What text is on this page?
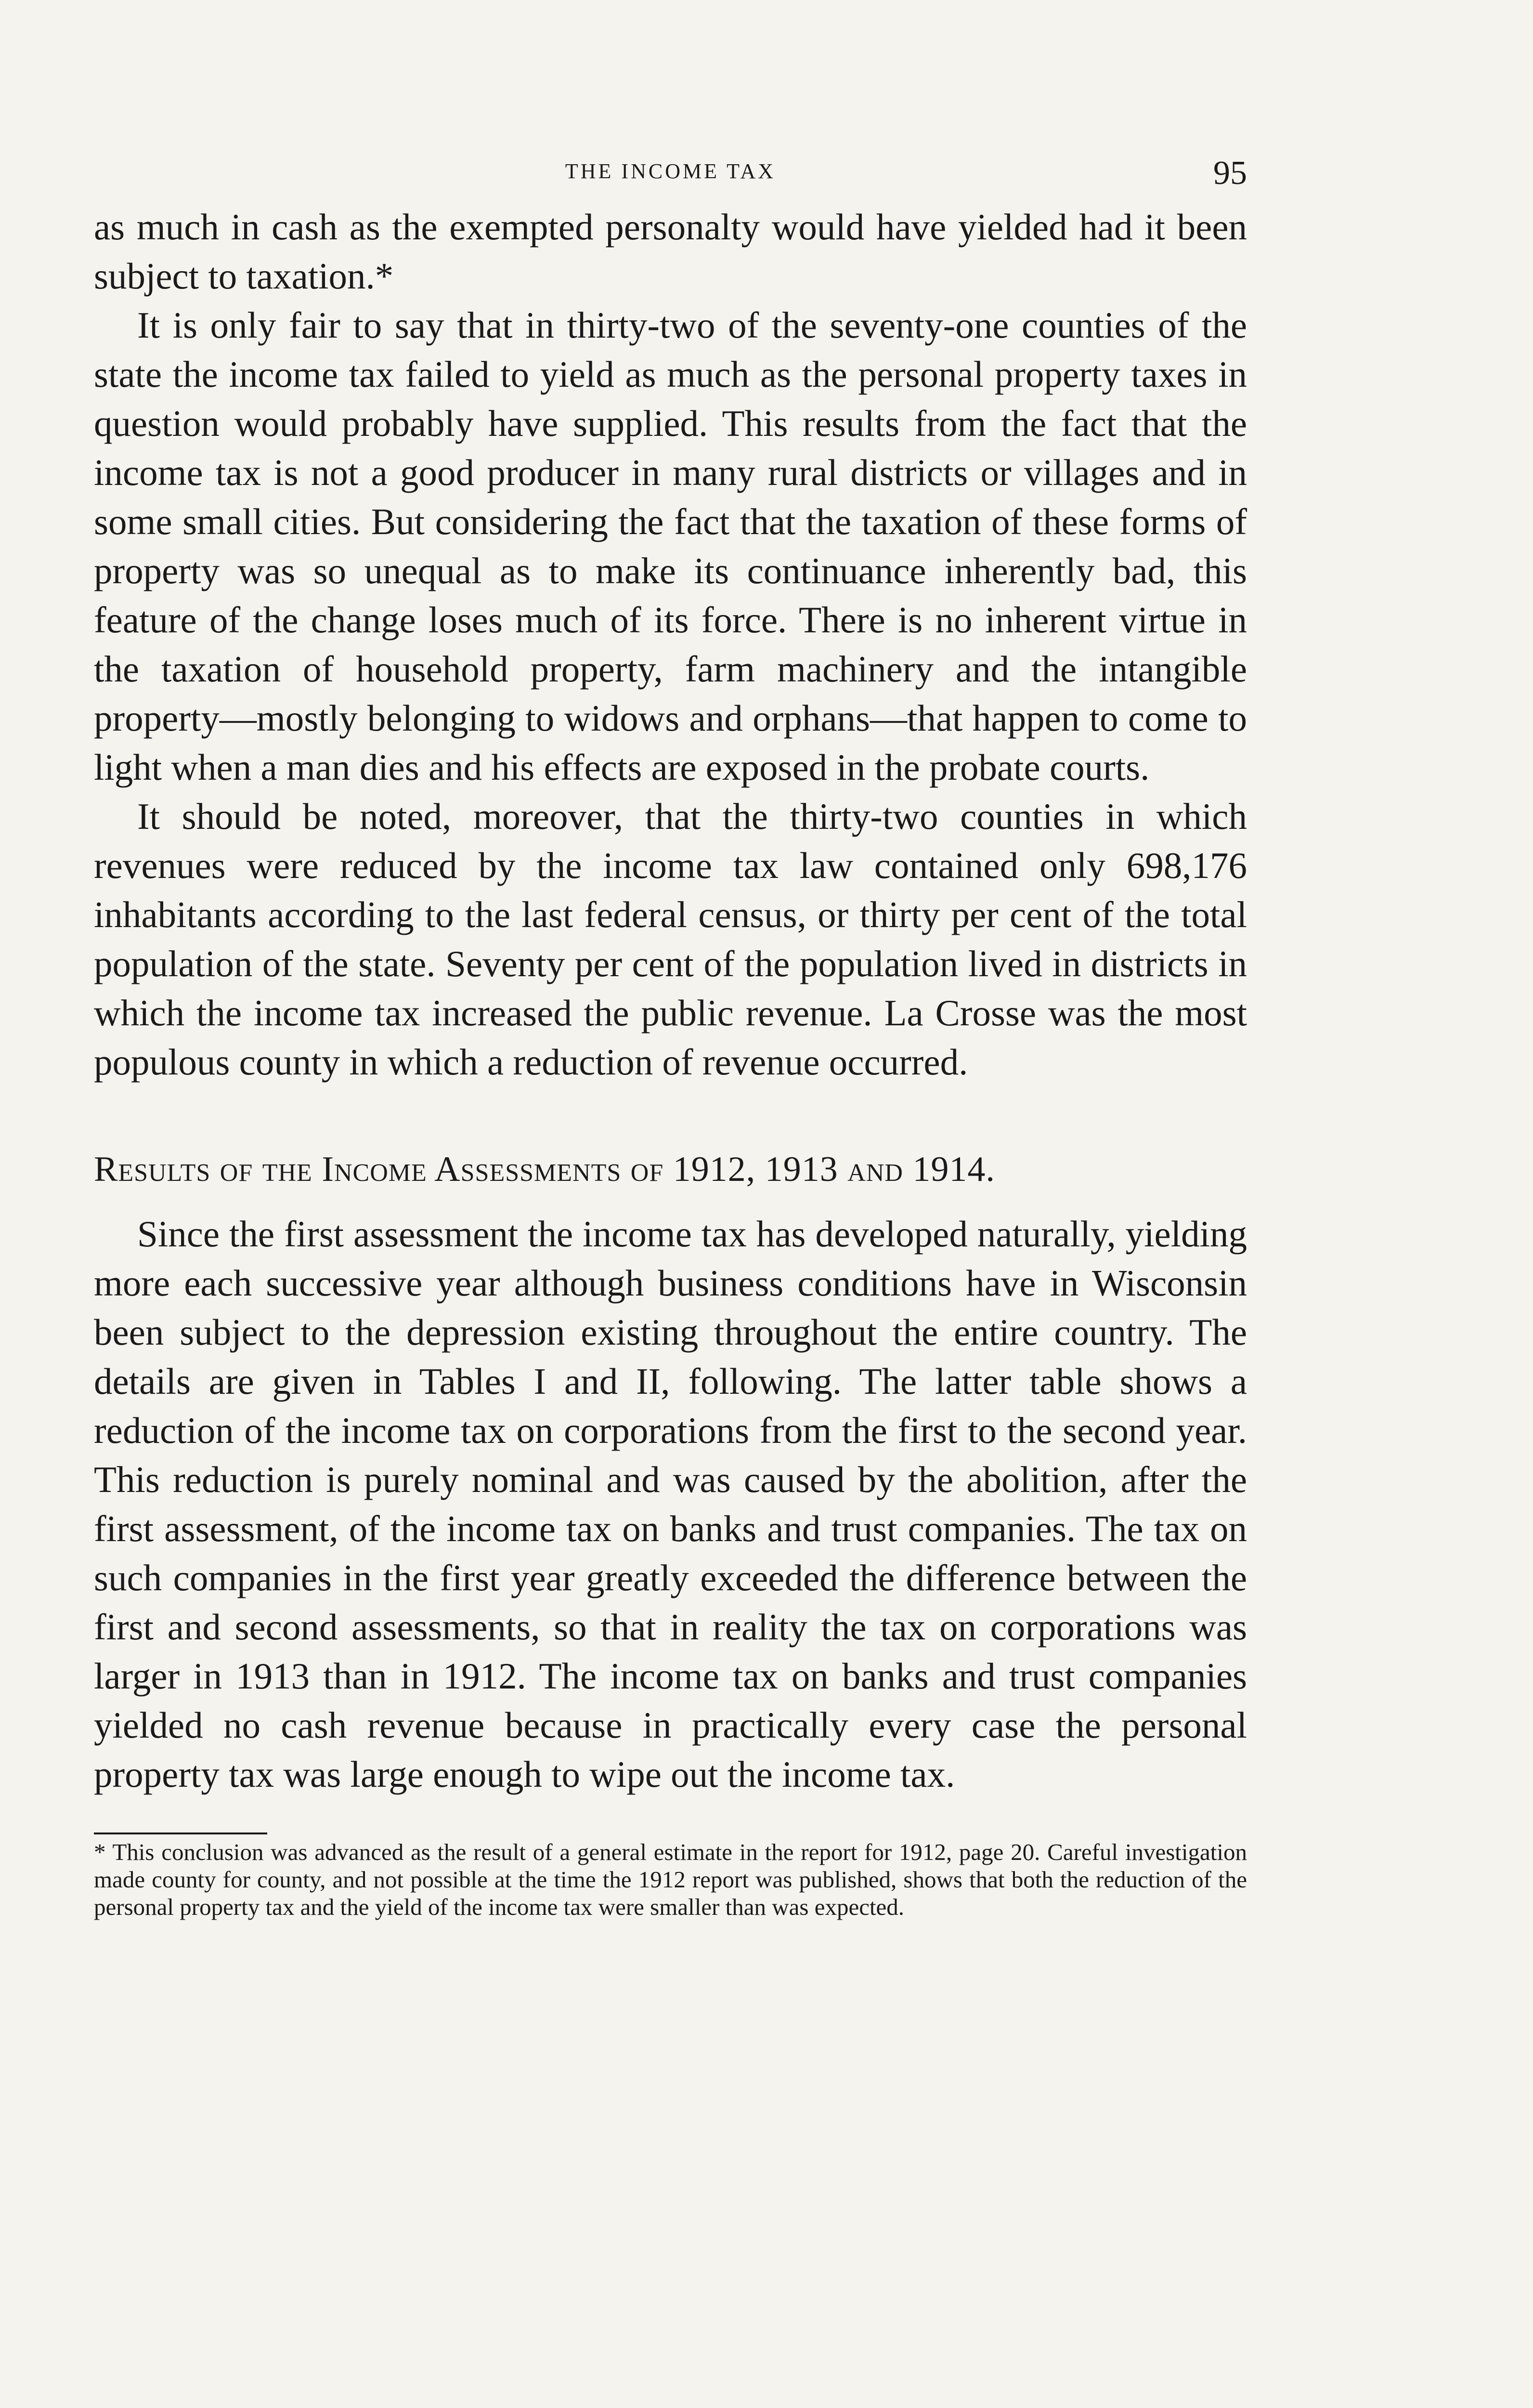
THE INCOME TAX	95

as much in cash as the exempted personalty would have yielded had it been subject to taxation.*

It is only fair to say that in thirty-two of the seventy-one counties of the state the income tax failed to yield as much as the personal property taxes in question would probably have supplied. This results from the fact that the income tax is not a good producer in many rural districts or villages and in some small cities. But considering the fact that the taxation of these forms of property was so unequal as to make its continuance inherently bad, this feature of the change loses much of its force. There is no inherent virtue in the taxation of household property, farm machinery and the intangible property—mostly belonging to widows and orphans—that happen to come to light when a man dies and his effects are exposed in the probate courts.

It should be noted, moreover, that the thirty-two counties in which revenues were reduced by the income tax law contained only 698,176 inhabitants according to the last federal census, or thirty per cent of the total population of the state. Seventy per cent of the population lived in districts in which the income tax increased the public revenue. La Crosse was the most populous county in which a reduction of revenue occurred.

Results of the Income Assessments of 1912, 1913 and 1914.

Since the first assessment the income tax has developed naturally, yielding more each successive year although business conditions have in Wisconsin been subject to the depression existing throughout the entire country. The details are given in Tables I and II, following. The latter table shows a reduction of the income tax on corporations from the first to the second year. This reduction is purely nominal and was caused by the abolition, after the first assessment, of the income tax on banks and trust companies. The tax on such companies in the first year greatly exceeded the difference between the first and second assessments, so that in reality the tax on corporations was larger in 1913 than in 1912. The income tax on banks and trust companies yielded no cash revenue because in practically every case the personal property tax was large enough to wipe out the income tax.

* This conclusion was advanced as the result of a general estimate in the report for 1912, page 20. Careful investigation made county for county, and not possible at the time the 1912 report was published, shows that both the reduction of the personal property tax and the yield of the income tax were smaller than was expected.
